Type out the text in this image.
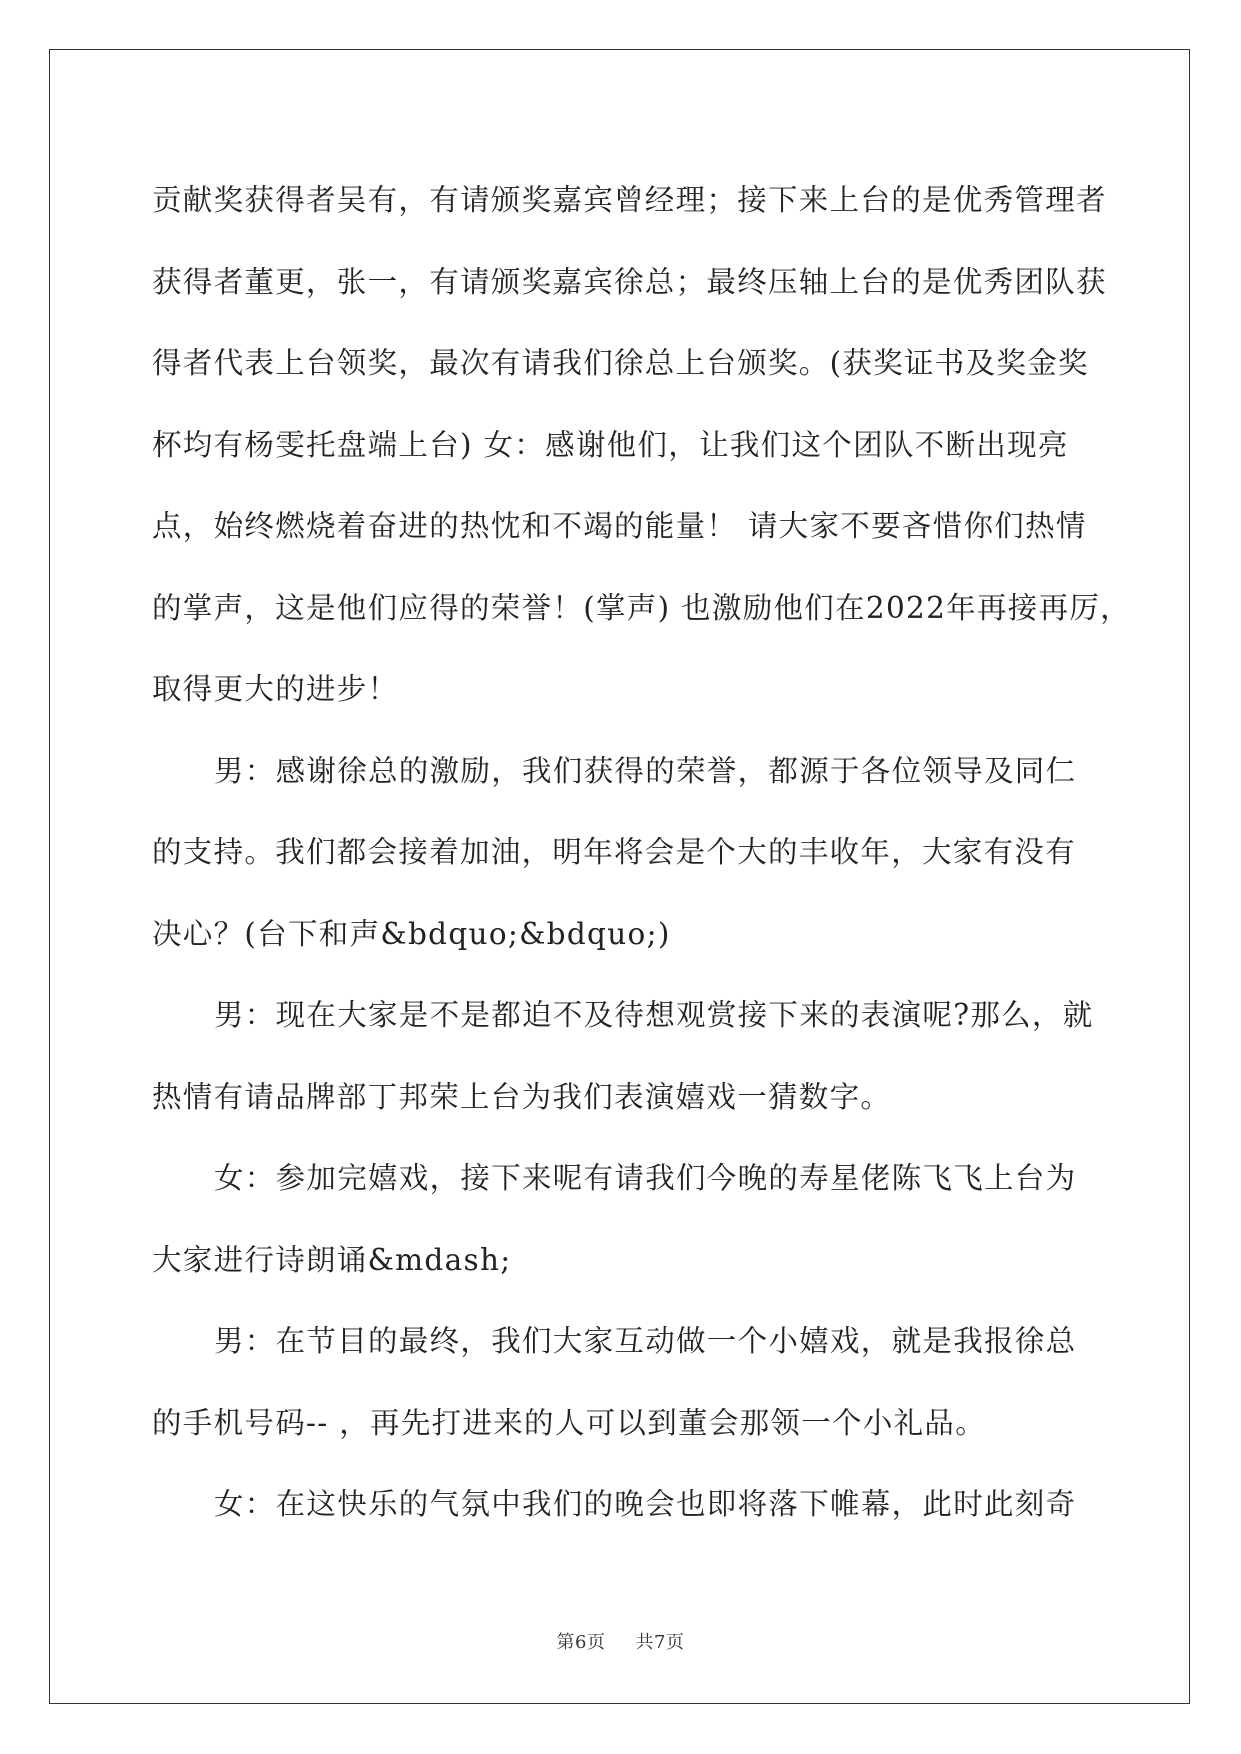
贡献奖获得者吴有，有请颁奖嘉宾曾经理；接下来上台的是优秀管理者
获得者董更，张一，有请颁奖嘉宾徐总；最终压轴上台的是优秀团队获
得者代表上台领奖，最次有请我们徐总上台颁奖。(获奖证书及奖金奖
杯均有杨雯托盘端上台) 女：感谢他们，让我们这个团队不断出现亮
点，始终燃烧着奋进的热忱和不竭的能量！ 请大家不要吝惜你们热情
的掌声，这是他们应得的荣誉！(掌声) 也激励他们在2022年再接再厉，
取得更大的进步！

男：感谢徐总的激励，我们获得的荣誉，都源于各位领导及同仁
的支持。我们都会接着加油，明年将会是个大的丰收年，大家有没有
决心？(台下和声&bdquo;&bdquo;)

男：现在大家是不是都迫不及待想观赏接下来的表演呢?那么，就
热情有请品牌部丁邦荣上台为我们表演嬉戏一猜数字。

女：参加完嬉戏，接下来呢有请我们今晚的寿星佬陈飞飞上台为
大家进行诗朗诵&mdash;

男：在节目的最终，我们大家互动做一个小嬉戏，就是我报徐总
的手机号码-- ，再先打进来的人可以到董会那领一个小礼品。

女：在这快乐的气氛中我们的晚会也即将落下帷幕，此时此刻奇

第6页 共7页
